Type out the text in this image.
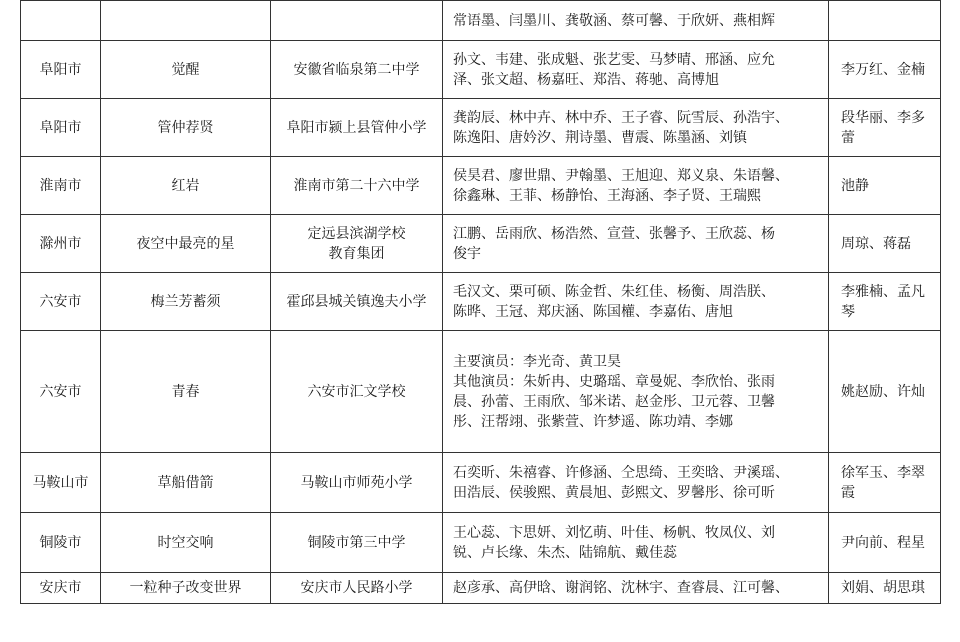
			常语墨、闫墨川、龚敬涵、蔡可馨、于欣妍、燕相辉	

阜阳市	觉醒	安徽省临泉第二中学	孙文、韦建、张成魁、张艺雯、马梦晴、邢涵、应允
泽、张文超、杨嘉旺、郑浩、蒋驰、高博旭	李万红、金楠
阜阳市	管仲荐贤	阜阳市颍上县管仲小学	龚韵辰、林中卉、林中乔、王子睿、阮雪辰、孙浩宇、
陈逸阳、唐妗汐、荆诗墨、曹震、陈墨涵、刘镇	段华丽、李多蕾
淮南市	红岩	淮南市第二十六中学	侯昊君、廖世鼎、尹翰墨、王旭迎、郑义泉、朱语馨、
徐鑫琳、王菲、杨静怡、王海涵、李子贤、王瑞熙	池静
滁州市	夜空中最亮的星	定远县滨湖学校
教育集团	江鹏、岳雨欣、杨浩然、宣萱、张馨予、王欣蕊、杨
俊宇	周琼、蒋磊
六安市	梅兰芳蓄须	霍邱县城关镇逸夫小学	毛汉文、栗可硕、陈金哲、朱红佳、杨衡、周浩朕、
陈晔、王冠、郑庆涵、陈国權、李嘉佑、唐旭	李雅楠、孟凡琴
六安市	青春	六安市汇文学校	主要演员：李光奇、黄卫昊
其他演员：朱妡冉、史璐瑶、章曼妮、李欣怡、张雨
晨、孙蕾、王雨欣、邹米诺、赵金彤、卫元蓉、卫馨
彤、汪帮翊、张紫萱、许梦遥、陈功靖、李娜	姚赵励、许灿
马鞍山市	草船借箭	马鞍山市师苑小学	石奕昕、朱禧睿、许修涵、仝思绮、王奕晗、尹溪瑶、
田浩辰、侯骏熙、黄晨旭、彭熙文、罗馨彤、徐可昕	徐军玉、李翠霞
铜陵市	时空交响	铜陵市第三中学	王心蕊、卞思妍、刘忆萌、叶佳、杨帆、牧凤仪、刘
锐、卢长缘、朱杰、陆锦航、戴佳蕊	尹向前、程星
安庆市	一粒种子改变世界	安庆市人民路小学	赵彦承、高伊晗、谢润铭、沈林宇、查睿晨、江可馨、	刘娟、胡思琪
